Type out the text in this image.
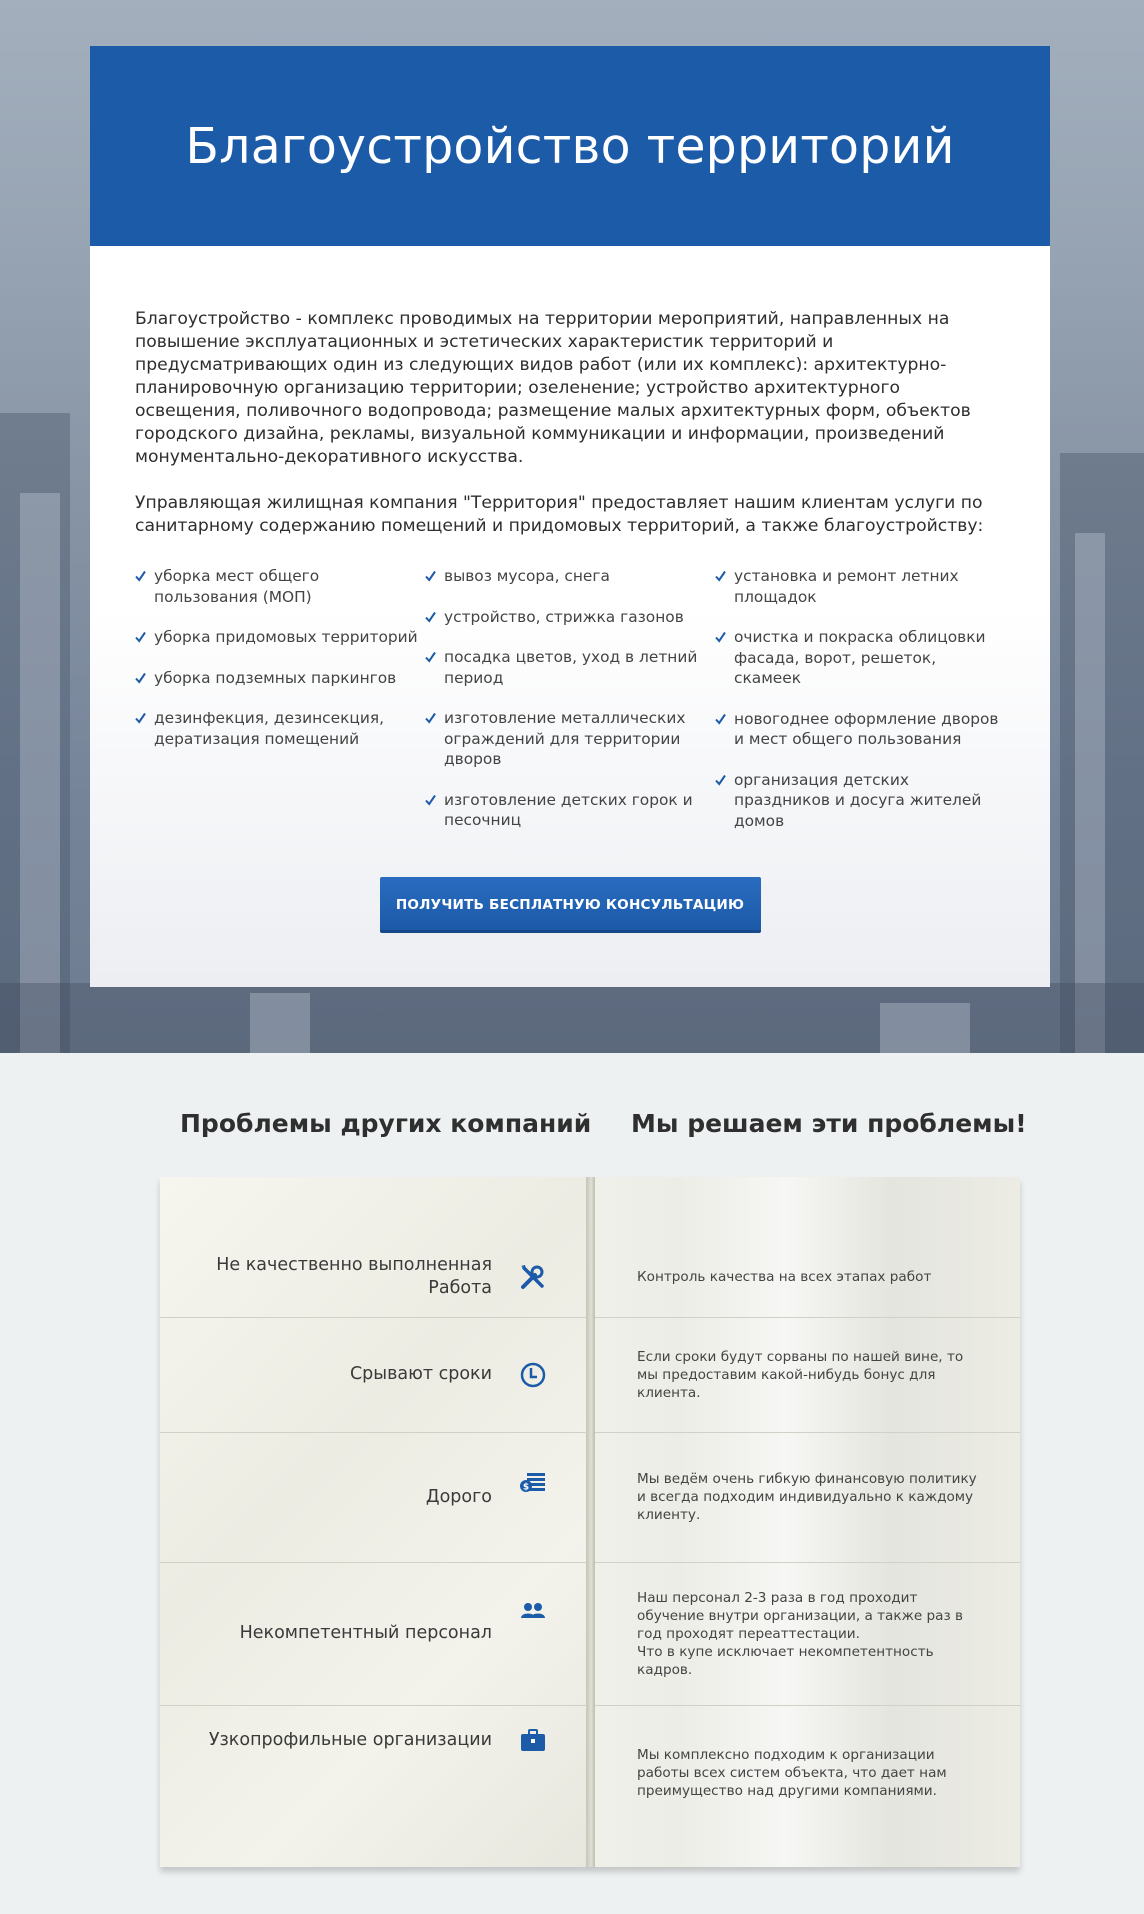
Благоустройство территорий

Благоустройство - комплекс проводимых на территории мероприятий, направленных на повышение эксплуатационных и эстетических характеристик территорий и предусматривающих один из следующих видов работ (или их комплекс): архитектурно-планировочную организацию территории; озеленение; устройство архитектурного освещения, поливочного водопровода; размещение малых архитектурных форм, объектов городского дизайна, рекламы, визуальной коммуникации и информации, произведений монументально-декоративного искусства.

Управляющая жилищная компания "Территория" предоставляет нашим клиентам услуги по санитарному содержанию помещений и придомовых территорий, а также благоустройству:

уборка мест общего пользования (МОП)
уборка придомовых территорий
уборка подземных паркингов
дезинфекция, дезинсекция, дератизация помещений
вывоз мусора, снега
устройство, стрижка газонов
посадка цветов, уход в летний период
изготовление металлических ограждений для территории дворов
изготовление детских горок и песочниц
установка и ремонт летних площадок
очистка и покраска облицовки фасада, ворот, решеток, скамеек
новогоднее оформление дворов и мест общего пользования
организация детских праздников и досуга жителей домов
ПОЛУЧИТЬ БЕСПЛАТНУЮ КОНСУЛЬТАЦИЮ
Проблемы других компаний Мы решаем эти проблемы!
Не качественно выполненная Работа
Срывают сроки
Дорого	$
Некомпетентный персонал
Узкопрофильные организации
Контроль качества на всех этапах работ
Если сроки будут сорваны по нашей вине, то мы предоставим какой-нибудь бонус для клиента.
Мы ведём очень гибкую финансовую политику и всегда подходим индивидуально к каждому клиенту.
Наш персонал 2-3 раза в год проходит обучение внутри организации, а также раз в год проходят переаттестации.
Что в купе исключает некомпетентность кадров.
Мы комплексно подходим к организации работы всех систем объекта, что дает нам преимущество над другими компаниями.
